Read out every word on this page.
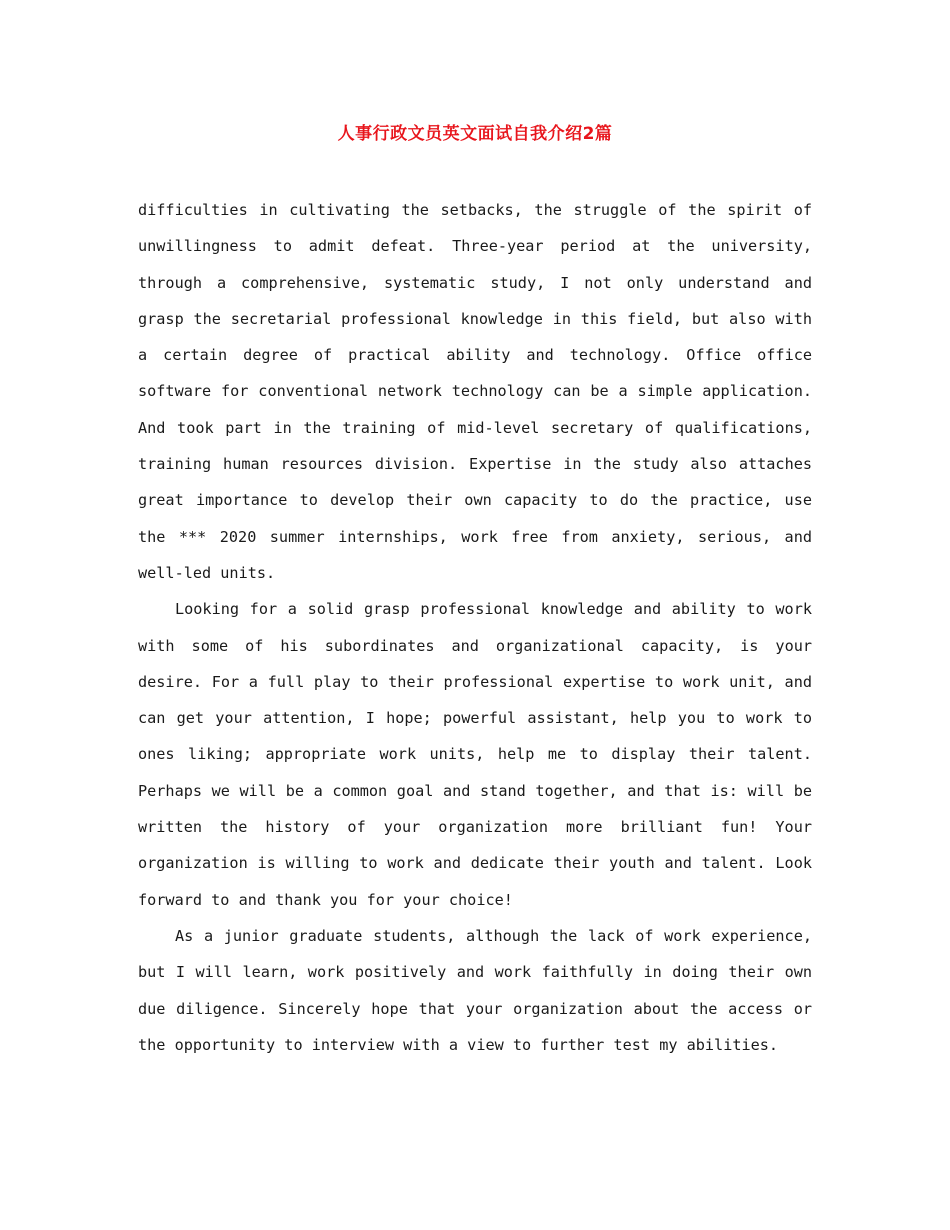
人事行政文员英文面试自我介绍2篇

difficulties in cultivating the setbacks, the struggle of the spirit of unwillingness to admit defeat. Three-year period at the university, through a comprehensive, systematic study, I not only understand and grasp the secretarial professional knowledge in this field, but also with a certain degree of practical ability and technology. Office office software for conventional network technology can be a simple application. And took part in the training of mid-level secretary of qualifications, training human resources division. Expertise in the study also attaches great importance to develop their own capacity to do the practice, use the *** 2020 summer internships, work free from anxiety, serious, and well-led units.

Looking for a solid grasp professional knowledge and ability to work with some of his subordinates and organizational capacity, is your desire. For a full play to their professional expertise to work unit, and can get your attention, I hope; powerful assistant, help you to work to ones liking; appropriate work units, help me to display their talent. Perhaps we will be a common goal and stand together, and that is: will be written the history of your organization more brilliant fun! Your organization is willing to work and dedicate their youth and talent. Look forward to and thank you for your choice!

As a junior graduate students, although the lack of work experience, but I will learn, work positively and work faithfully in doing their own due diligence. Sincerely hope that your organization about the access or the opportunity to interview with a view to further test my abilities.
